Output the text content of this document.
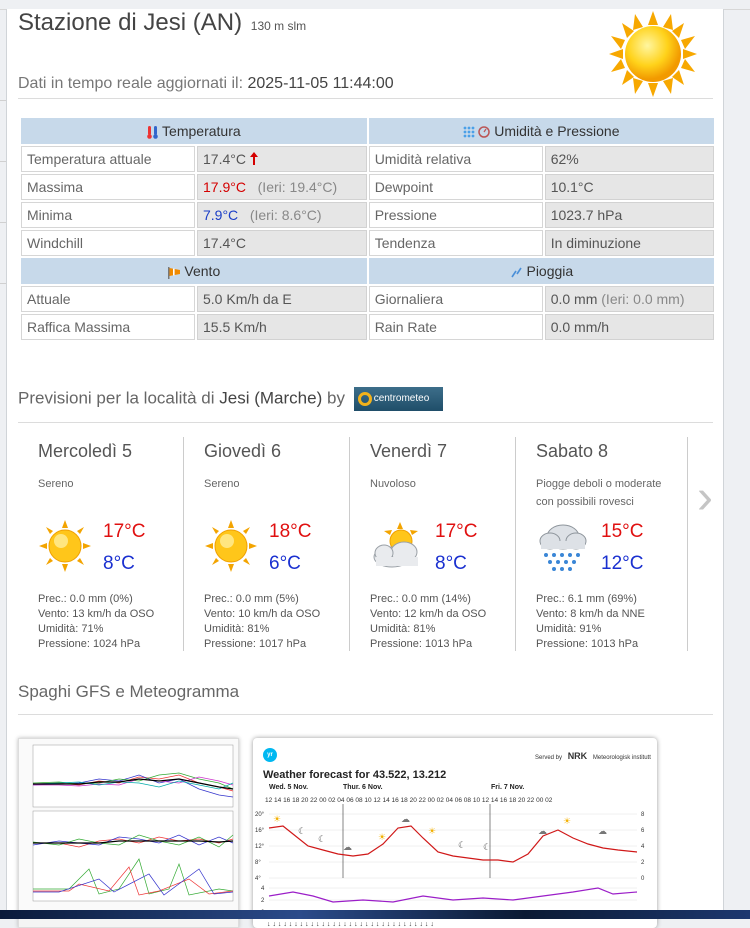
Stazione di Jesi (AN) 130 m slm
Dati in tempo reale aggiornati il: 2025-11-05 11:44:00
Temperatura		Umidità e Pressione	
Temperatura attuale	17.4°C	Umidità relativa	62%
Massima	17.9°C (Ieri: 19.4°C)	Dewpoint	10.1°C
Minima	7.9°C (Ieri: 8.6°C)	Pressione	1023.7 hPa
Windchill	17.4°C	Tendenza	In diminuzione
Vento		Pioggia	
Attuale	5.0 Km/h da E	Giornaliera	0.0 mm (Ieri: 0.0 mm)
Raffica Massima	15.5 Km/h	Rain Rate	0.0 mm/h
Previsioni per la località di Jesi (Marche) by	centrometeo
Mercoledì 5
Sereno
17°C
8°C
Prec.: 0.0 mm (0%)
Vento: 13 km/h da OSO
Umidità: 71%
Pressione: 1024 hPa
Giovedì 6
Sereno
18°C
6°C
Prec.: 0.0 mm (5%)
Vento: 10 km/h da OSO
Umidità: 81%
Pressione: 1017 hPa
Venerdì 7
Nuvoloso
17°C
8°C
Prec.: 0.0 mm (14%)
Vento: 12 km/h da OSO
Umidità: 81%
Pressione: 1013 hPa
Sabato 8
Piogge deboli o moderate con possibili rovesci
15°C
12°C
Prec.: 6.1 mm (69%)
Vento: 8 km/h da NNE
Umidità: 91%
Pressione: 1013 hPa
›
Spaghi GFS e Meteogramma
yr	Served by NRK Meteorologisk institutt
Weather forecast for 43.522, 13.212
Wed. 5 Nov.	Thur. 6 Nov.	Fri. 7 Nov.
12 14 16 18 20 22 00 02 04 06 08 10 12 14 16 18 20 22 00 02 04 06 08 10 12 14 16 18 20 22 00 02
20°
16°
12°
8°
4°
8
6
4
2
0
☀
☾
☾
☁
☀
☁
☀
☾ ☾
☁
☀
☁
4
2
↓ ↓ ↓ ↓ ↓ ↓ ↓ ↓ ↓ ↓ ↓ ↓ ↓ ↓ ↓ ↓ ↓ ↓ ↓ ↓ ↓ ↓ ↓ ↓ ↓ ↓ ↓ ↓ ↓ ↓ ↓
